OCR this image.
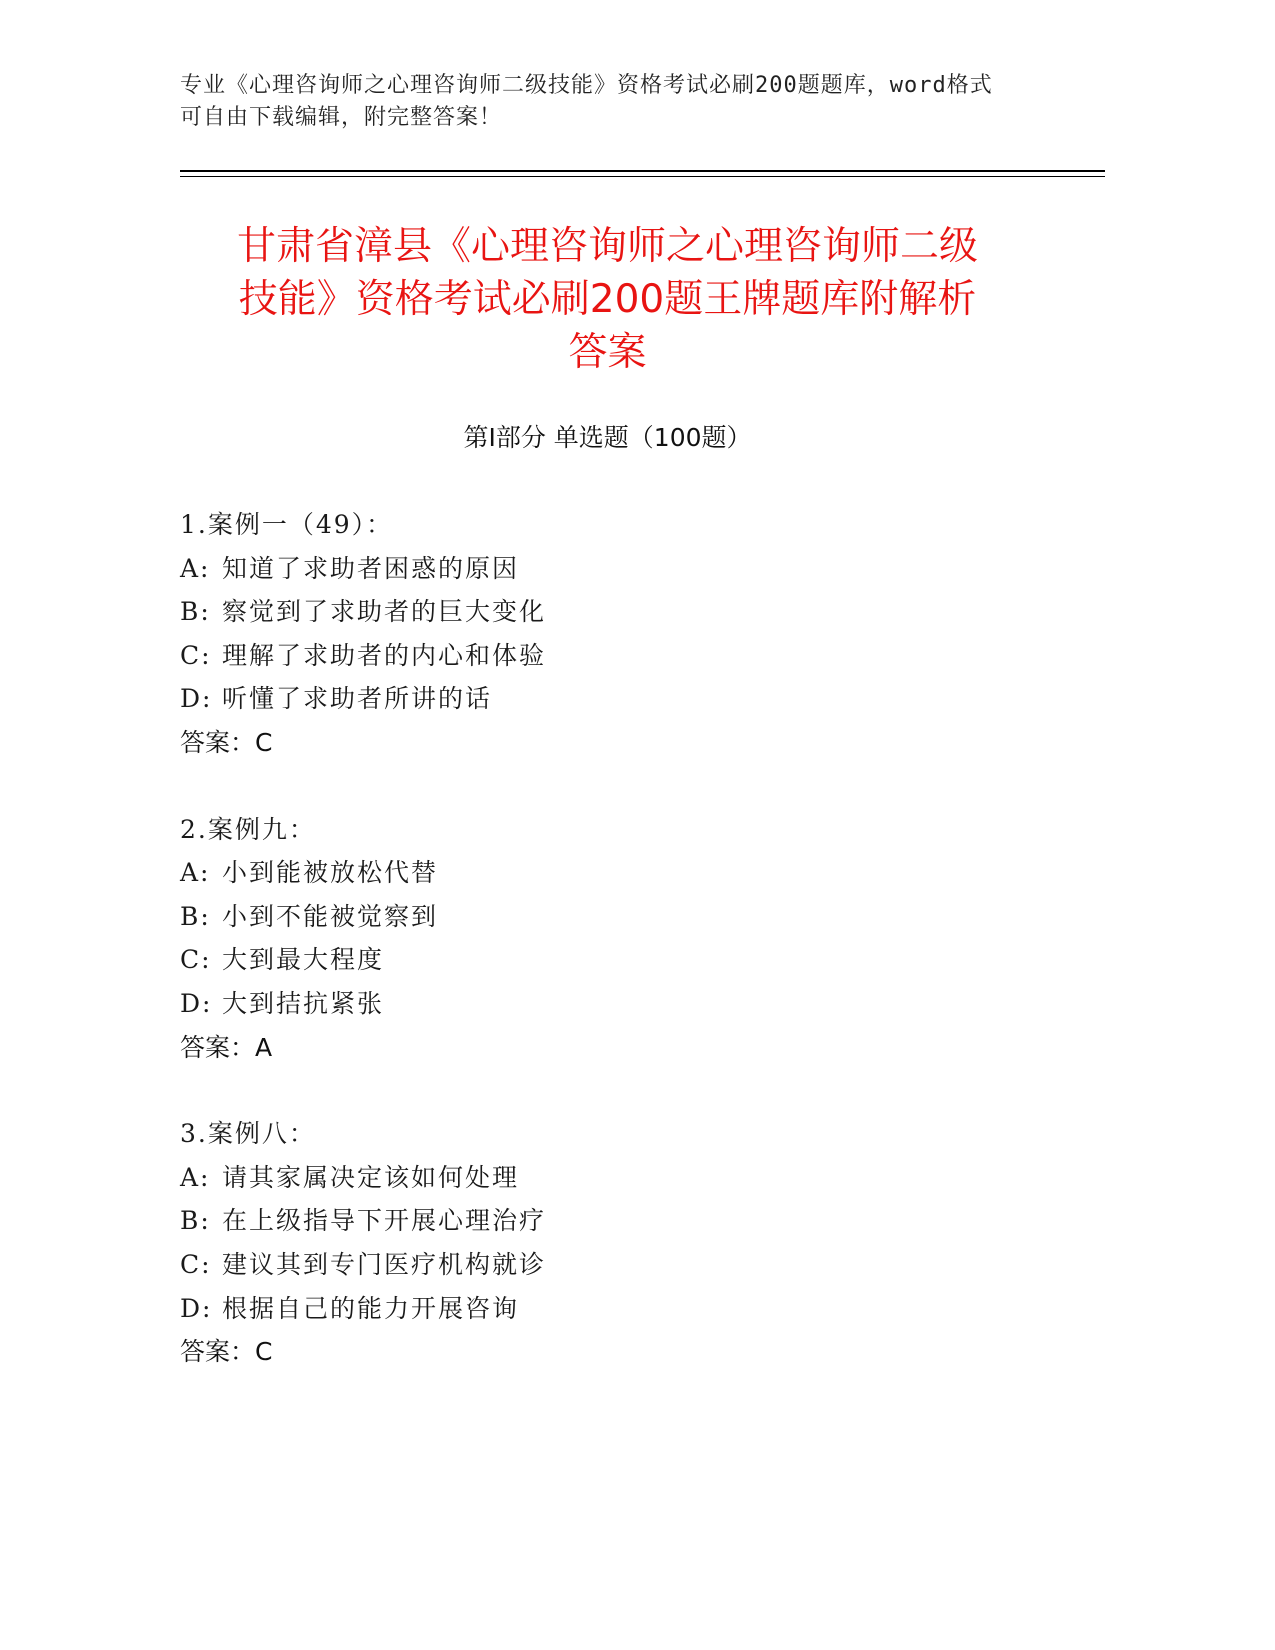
专业《心理咨询师之心理咨询师二级技能》资格考试必刷200题题库，word格式
可自由下载编辑，附完整答案！
甘肃省漳县《心理咨询师之心理咨询师二级
技能》资格考试必刷200题王牌题库附解析
答案
第Ⅰ部分 单选题（100题）
1.案例一（49）：
A: 知道了求助者困惑的原因
B: 察觉到了求助者的巨大变化
C: 理解了求助者的内心和体验
D: 听懂了求助者所讲的话
答案：C
2.案例九：
A: 小到能被放松代替
B: 小到不能被觉察到
C: 大到最大程度
D: 大到拮抗紧张
答案：A
3.案例八：
A: 请其家属决定该如何处理
B: 在上级指导下开展心理治疗
C: 建议其到专门医疗机构就诊
D: 根据自己的能力开展咨询
答案：C
